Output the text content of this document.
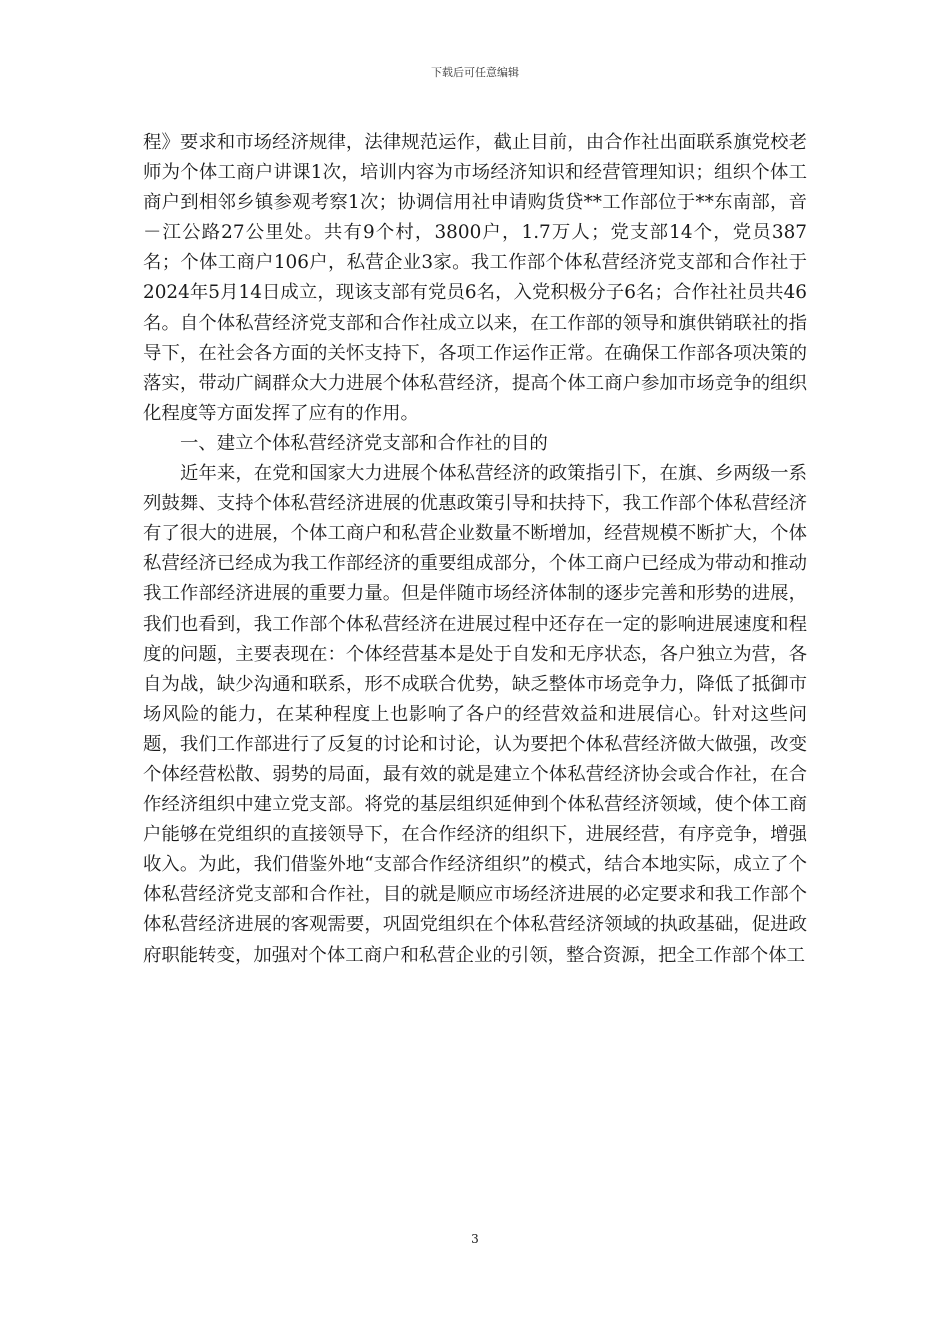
下载后可任意编辑

程》要求和市场经济规律，法律规范运作，截止目前，由合作社出面联系旗党校老师为个体工商户讲课1次，培训内容为市场经济知识和经营管理知识；组织个体工商户到相邻乡镇参观考察1次；协调信用社申请购货贷**工作部位于**东南部，音－江公路27公里处。共有9个村，3800户，1.7万人；党支部14个，党员387名；个体工商户106户，私营企业3家。我工作部个体私营经济党支部和合作社于2024年5月14日成立，现该支部有党员6名，入党积极分子6名；合作社社员共46名。自个体私营经济党支部和合作社成立以来，在工作部的领导和旗供销联社的指导下，在社会各方面的关怀支持下，各项工作运作正常。在确保工作部各项决策的落实，带动广阔群众大力进展个体私营经济，提高个体工商户参加市场竞争的组织化程度等方面发挥了应有的作用。

一、建立个体私营经济党支部和合作社的目的

近年来，在党和国家大力进展个体私营经济的政策指引下，在旗、乡两级一系列鼓舞、支持个体私营经济进展的优惠政策引导和扶持下，我工作部个体私营经济有了很大的进展，个体工商户和私营企业数量不断增加，经营规模不断扩大，个体私营经济已经成为我工作部经济的重要组成部分，个体工商户已经成为带动和推动我工作部经济进展的重要力量。但是伴随市场经济体制的逐步完善和形势的进展，我们也看到，我工作部个体私营经济在进展过程中还存在一定的影响进展速度和程度的问题，主要表现在：个体经营基本是处于自发和无序状态，各户独立为营，各自为战，缺少沟通和联系，形不成联合优势，缺乏整体市场竞争力，降低了抵御市场风险的能力，在某种程度上也影响了各户的经营效益和进展信心。针对这些问题，我们工作部进行了反复的讨论和讨论，认为要把个体私营经济做大做强，改变个体经营松散、弱势的局面，最有效的就是建立个体私营经济协会或合作社，在合作经济组织中建立党支部。将党的基层组织延伸到个体私营经济领域，使个体工商户能够在党组织的直接领导下，在合作经济的组织下，进展经营，有序竞争，增强收入。为此，我们借鉴外地“支部合作经济组织”的模式，结合本地实际，成立了个体私营经济党支部和合作社，目的就是顺应市场经济进展的必定要求和我工作部个体私营经济进展的客观需要，巩固党组织在个体私营经济领域的执政基础，促进政府职能转变，加强对个体工商户和私营企业的引领，整合资源，把全工作部个体工

3
